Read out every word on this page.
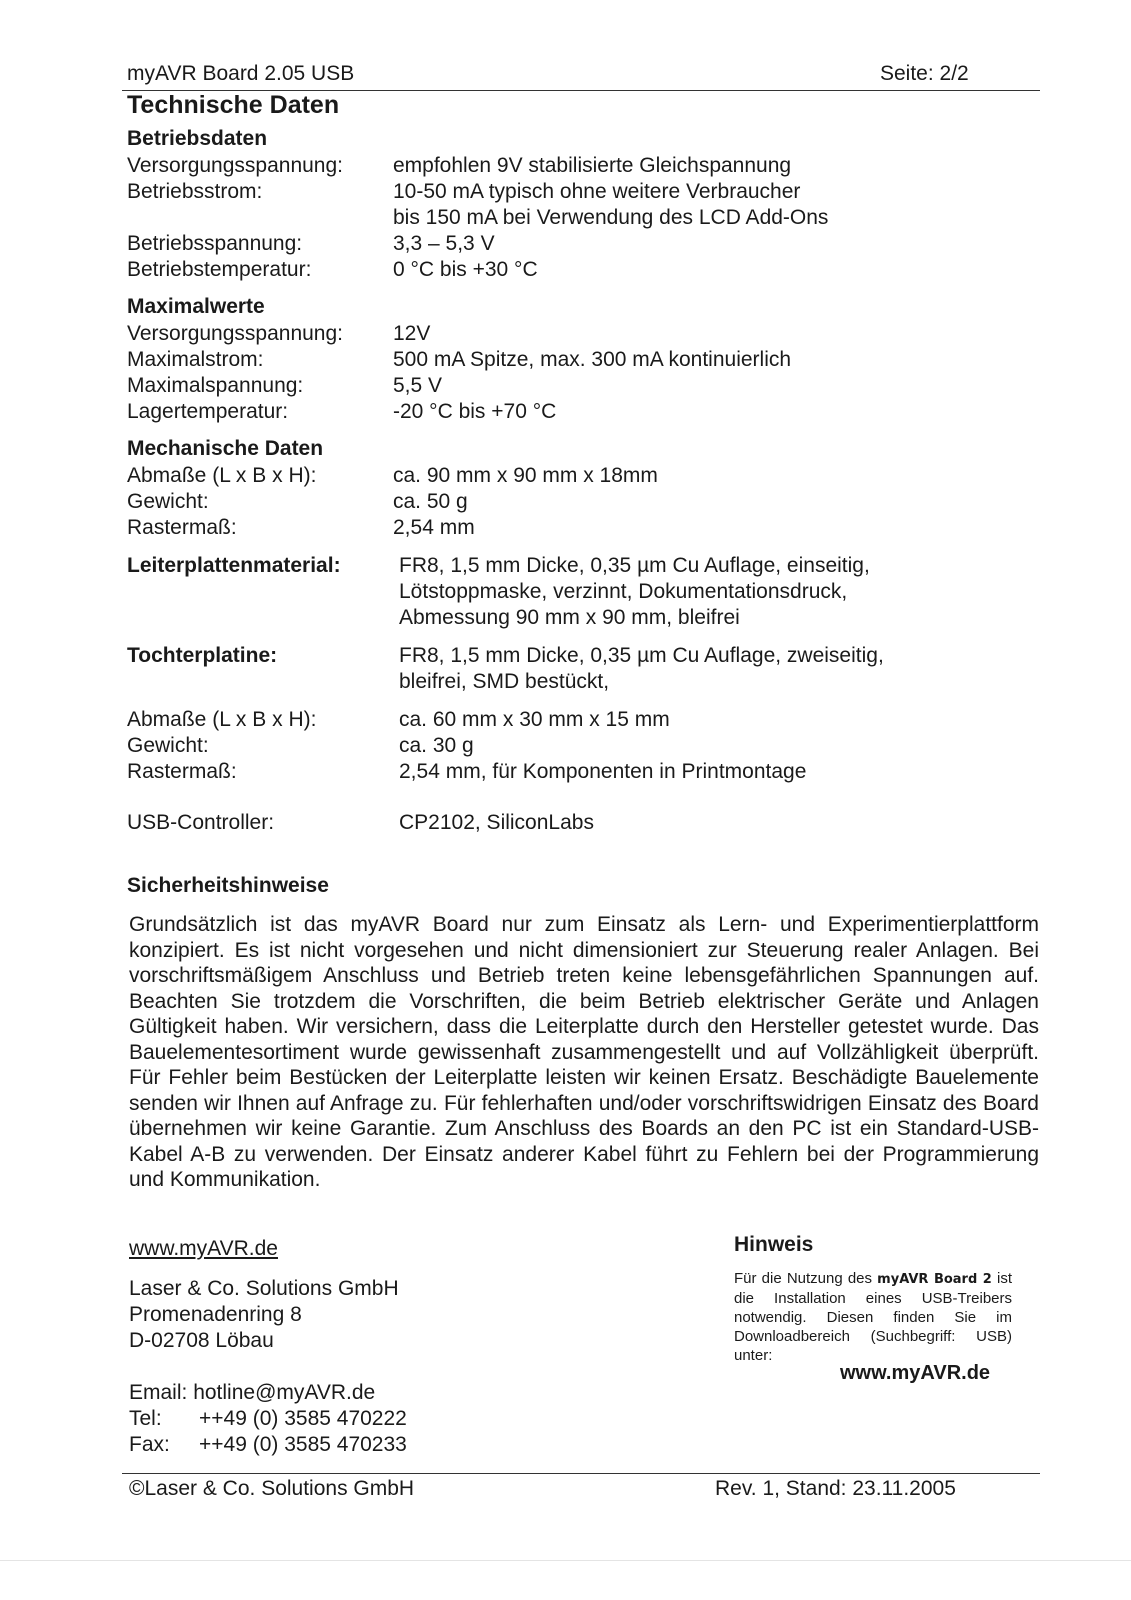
myAVR Board 2.05 USB	Seite: 2/2
Technische Daten
Betriebsdaten
Versorgungsspannung: empfohlen 9V stabilisierte Gleichspannung
Betriebsstrom:	10-50 mA typisch ohne weitere Verbraucher
bis 150 mA bei Verwendung des LCD Add-Ons
Betriebsspannung:	3,3 – 5,3 V
Betriebstemperatur:	0 °C bis +30 °C
Maximalwerte
Versorgungsspannung: 12V
Maximalstrom:	500 mA Spitze, max. 300 mA kontinuierlich
Maximalspannung:	5,5 V
Lagertemperatur:	-20 °C bis +70 °C
Mechanische Daten
Abmaße (L x B x H):	ca. 90 mm x 90 mm x 18mm
Gewicht:	ca. 50 g
Rastermaß:	2,54 mm
Leiterplattenmaterial:	FR8, 1,5 mm Dicke, 0,35 µm Cu Auflage, einseitig,
Lötstoppmaske, verzinnt, Dokumentationsdruck,
Abmessung 90 mm x 90 mm, bleifrei
Tochterplatine:	FR8, 1,5 mm Dicke, 0,35 µm Cu Auflage, zweiseitig,
bleifrei, SMD bestückt,
Abmaße (L x B x H):	ca. 60 mm x 30 mm x 15 mm
Gewicht:	ca. 30 g
Rastermaß:	2,54 mm, für Komponenten in Printmontage
USB-Controller:	CP2102, SiliconLabs
Sicherheitshinweise
Grundsätzlich ist das myAVR Board nur zum Einsatz als Lern- und Experimentierplattform konzipiert. Es ist nicht vorgesehen und nicht dimensioniert zur Steuerung realer Anlagen. Bei vorschriftsmäßigem Anschluss und Betrieb treten keine lebensgefährlichen Spannungen auf. Beachten Sie trotzdem die Vorschriften, die beim Betrieb elektrischer Geräte und Anlagen Gültigkeit haben. Wir versichern, dass die Leiterplatte durch den Hersteller getestet wurde. Das Bauelementesortiment wurde gewissenhaft zusammengestellt und auf Vollzähligkeit überprüft. Für Fehler beim Bestücken der Leiterplatte leisten wir keinen Ersatz. Beschädigte Bauelemente senden wir Ihnen auf Anfrage zu. Für fehlerhaften und/oder vorschriftswidrigen Einsatz des Board übernehmen wir keine Garantie. Zum Anschluss des Boards an den PC ist ein Standard-USB-Kabel A-B zu verwenden. Der Einsatz anderer Kabel führt zu Fehlern bei der Programmierung und Kommunikation.
www.myAVR.de
Laser & Co. Solutions GmbH
Promenadenring 8
D-02708 Löbau
Email: hotline@myAVR.de
Tel: ++49 (0) 3585 470222
Fax: ++49 (0) 3585 470233
Hinweis
Für die Nutzung des myAVR Board 2 ist die Installation eines USB-Treibers notwendig. Diesen finden Sie im Downloadbereich (Suchbegriff: USB) unter:
www.myAVR.de
©Laser & Co. Solutions GmbH	Rev. 1, Stand: 23.11.2005
